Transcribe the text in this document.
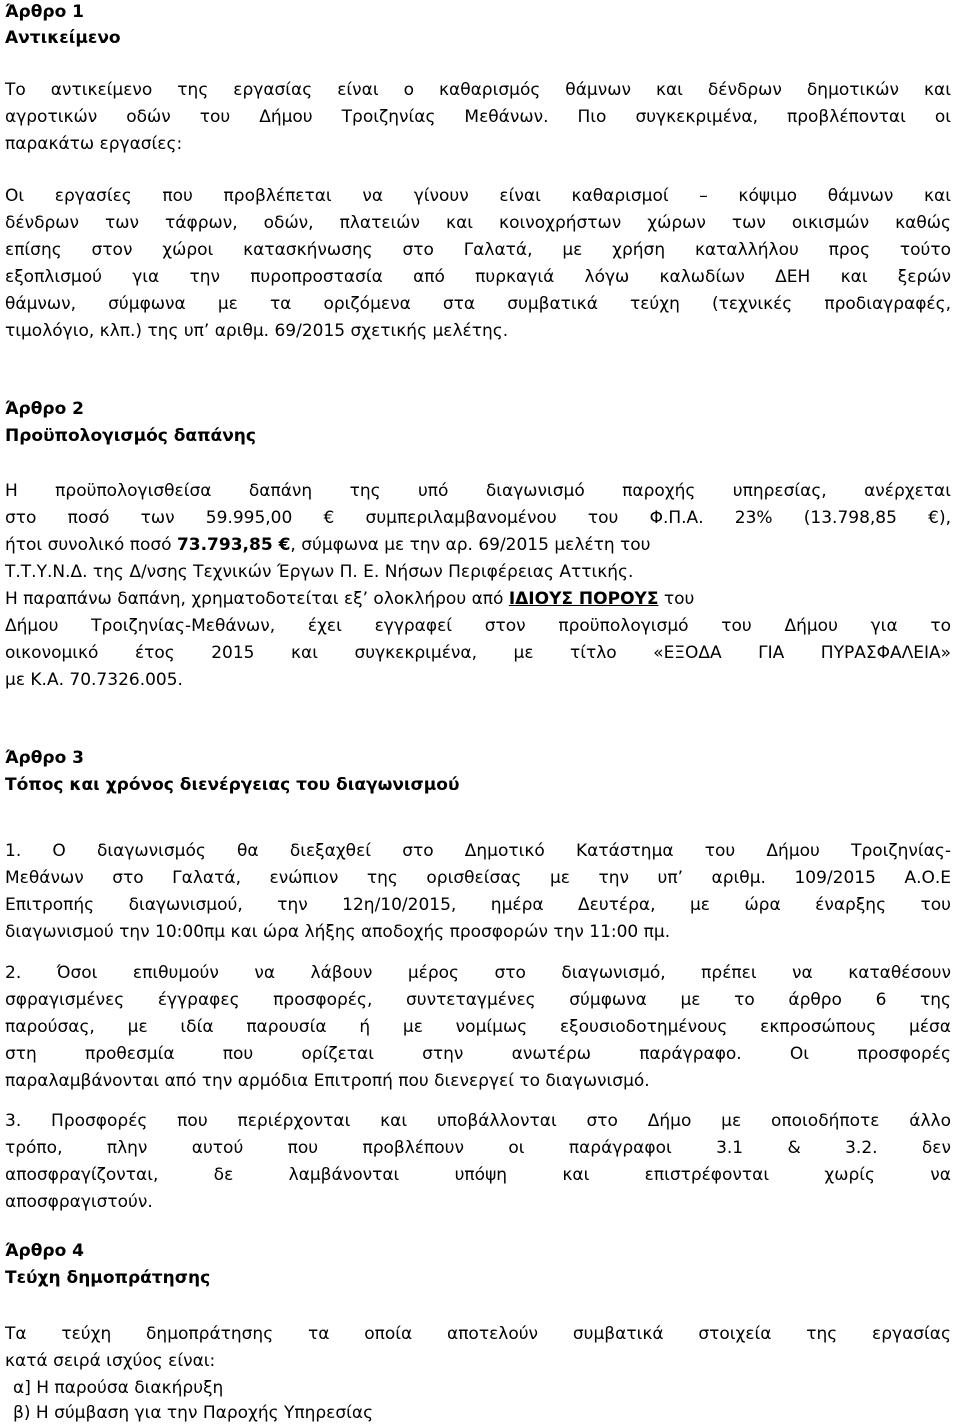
Άρθρο 1
Αντικείμενο
Το αντικείμενο της εργασίας είναι ο καθαρισμός θάμνων και δένδρων δημοτικών και
αγροτικών οδών του Δήμου Τροιζηνίας Μεθάνων. Πιο συγκεκριμένα, προβλέπονται οι
παρακάτω εργασίες:
Οι εργασίες που προβλέπεται να γίνουν είναι καθαρισμοί – κόψιμο θάμνων και
δένδρων των τάφρων, οδών, πλατειών και κοινοχρήστων χώρων των οικισμών καθώς
επίσης στον χώροι κατασκήνωσης στο Γαλατά, με χρήση καταλλήλου προς τούτο
εξοπλισμού για την πυροπροστασία από πυρκαγιά λόγω καλωδίων ΔΕΗ και ξερών
θάμνων, σύμφωνα με τα οριζόμενα στα συμβατικά τεύχη (τεχνικές προδιαγραφές,
τιμολόγιο, κλπ.) της υπ’ αριθμ. 69/2015 σχετικής μελέτης.
Άρθρο 2
Προϋπολογισμός δαπάνης
Η προϋπολογισθείσα δαπάνη της υπό διαγωνισμό παροχής υπηρεσίας, ανέρχεται
στο ποσό των 59.995,00 € συμπεριλαμβανομένου του Φ.Π.Α. 23% (13.798,85 €),
ήτοι συνολικό ποσό 73.793,85 €, σύμφωνα με την αρ. 69/2015 μελέτη του
Τ.Τ.Υ.Ν.Δ. της Δ/νσης Τεχνικών Έργων Π. Ε. Νήσων Περιφέρειας Αττικής.
Η παραπάνω δαπάνη, χρηματοδοτείται εξ’ ολοκλήρου από ΙΔΙΟΥΣ ΠΟΡΟΥΣ του
Δήμου Τροιζηνίας-Μεθάνων, έχει εγγραφεί στον προϋπολογισμό του Δήμου για το
οικονομικό έτος 2015 και συγκεκριμένα, με τίτλο «ΕΞΟΔΑ ΓΙΑ ΠΥΡΑΣΦΑΛΕΙΑ»
με Κ.Α. 70.7326.005.
Άρθρο 3
Τόπος και χρόνος διενέργειας του διαγωνισμού
1. Ο διαγωνισμός θα διεξαχθεί στο Δημοτικό Κατάστημα του Δήμου Τροιζηνίας-
Μεθάνων στο Γαλατά, ενώπιον της ορισθείσας με την υπ’ αριθμ. 109/2015 Α.Ο.Ε
Επιτροπής διαγωνισμού, την 12η/10/2015, ημέρα Δευτέρα, με ώρα έναρξης του
διαγωνισμού την 10:00πμ και ώρα λήξης αποδοχής προσφορών την 11:00 πμ.
2. Όσοι επιθυμούν να λάβουν μέρος στο διαγωνισμό, πρέπει να καταθέσουν
σφραγισμένες έγγραφες προσφορές, συντεταγμένες σύμφωνα με το άρθρο 6 της
παρούσας, με ιδία παρουσία ή με νομίμως εξουσιοδοτημένους εκπροσώπους μέσα
στη προθεσμία που ορίζεται στην ανωτέρω παράγραφο. Οι προσφορές
παραλαμβάνονται από την αρμόδια Επιτροπή που διενεργεί το διαγωνισμό.
3. Προσφορές που περιέρχονται και υποβάλλονται στο Δήμο με οποιοδήποτε άλλο
τρόπο, πλην αυτού που προβλέπουν οι παράγραφοι 3.1 & 3.2. δεν
αποσφραγίζονται, δε λαμβάνονται υπόψη και επιστρέφονται χωρίς να
αποσφραγιστούν.
Άρθρο 4
Τεύχη δημοπράτησης
Τα τεύχη δημοπράτησης τα οποία αποτελούν συμβατικά στοιχεία της εργασίας
κατά σειρά ισχύος είναι:
α] Η παρούσα διακήρυξη
β) Η σύμβαση για την Παροχής Υπηρεσίας
